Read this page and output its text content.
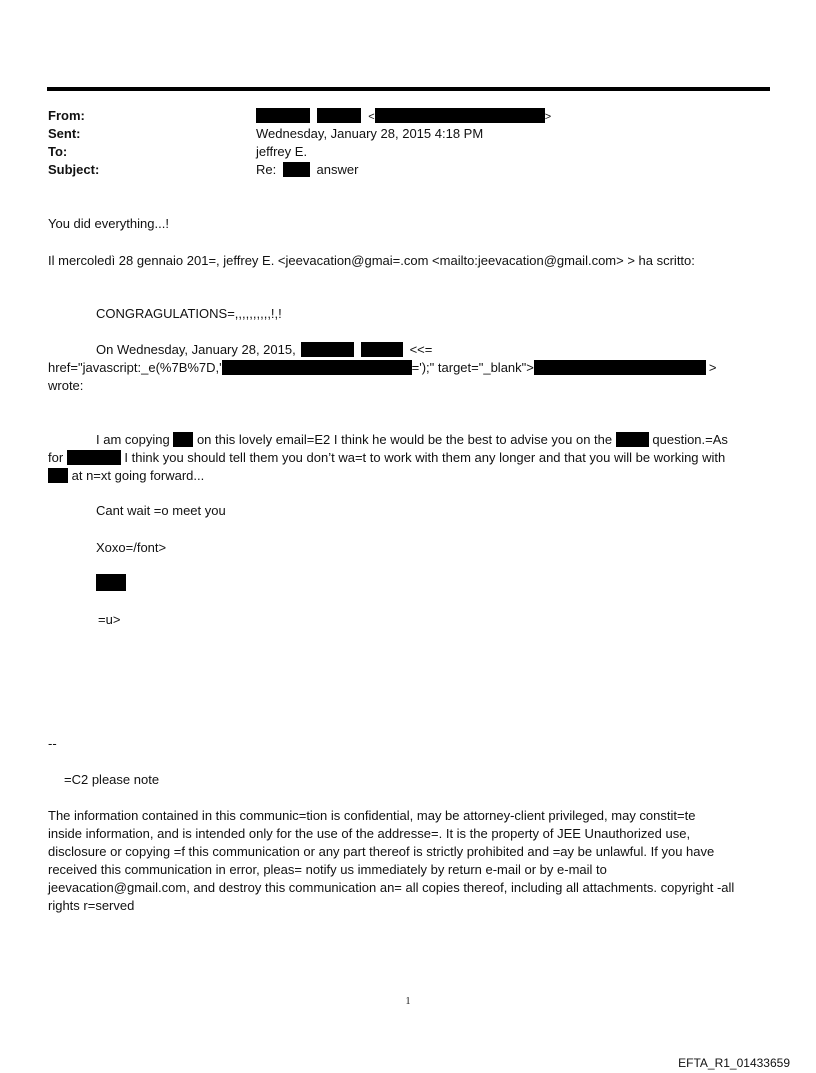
From:	<	>
Sent:	Wednesday, January 28, 2015 4:18 PM
To:	jeffrey E.
Subject:	Re:	answer
You did everything...!
Il mercoledì 28 gennaio 201=, jeffrey E. <jeevacation@gmai=.com <mailto:jeevacation@gmail.com> > ha scritto:
CONGRAGULATIONS=,,,,,,,,,,!,!
On Wednesday, January 28, 2015,	<<=
href="javascript:_e(%7B%7D,'	=');" target="_blank">	>
wrote:
I am copying on this lovely email=E2 I think he would be the best to advise you on the	question.=As
for	I think you should tell them you don’t wa=t to work with them any longer and that you will be working with
at n=xt going forward...
Cant wait =o meet you
Xoxo=/font>
=u>
--
=C2 please note
The information contained in this communic=tion is confidential, may be attorney-client privileged, may constit=te
inside information, and is intended only for the use of the addresse=. It is the property of JEE Unauthorized use,
disclosure or copying =f this communication or any part thereof is strictly prohibited and =ay be unlawful. If you have
received this communication in error, pleas= notify us immediately by return e-mail or by e-mail to
jeevacation@gmail.com, and destroy this communication an= all copies thereof, including all attachments. copyright -all
rights r=served
1
EFTA_R1_01433659
